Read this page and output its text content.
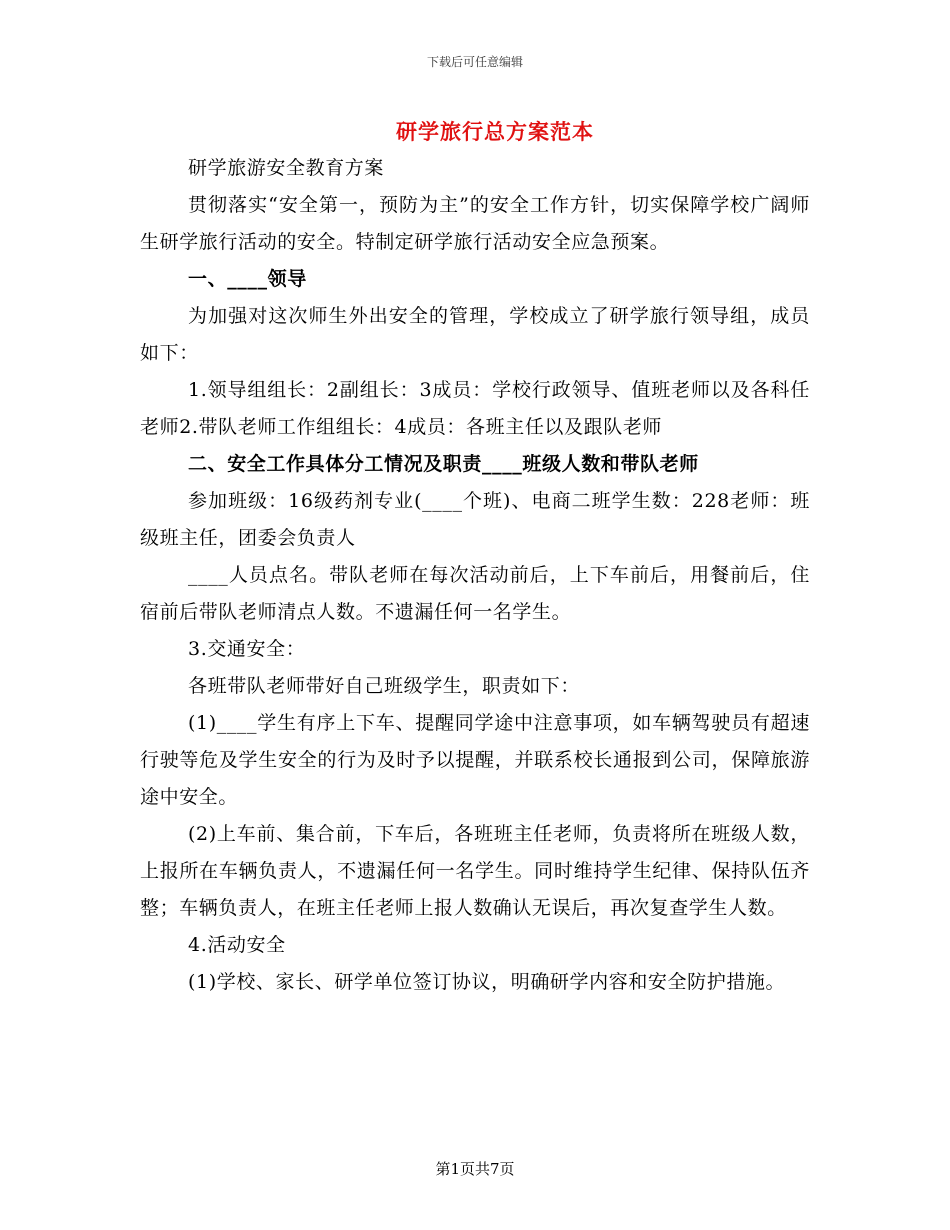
下载后可任意编辑
研学旅行总方案范本

研学旅游安全教育方案

贯彻落实“安全第一，预防为主”的安全工作方针，切实保障学校广阔师生研学旅行活动的安全。特制定研学旅行活动安全应急预案。

一、____领导

为加强对这次师生外出安全的管理，学校成立了研学旅行领导组，成员如下：

1.领导组组长：2副组长：3成员：学校行政领导、值班老师以及各科任老师2.带队老师工作组组长：4成员：各班主任以及跟队老师

二、安全工作具体分工情况及职责____班级人数和带队老师

参加班级：16级药剂专业(____个班)、电商二班学生数：228老师：班级班主任，团委会负责人

____人员点名。带队老师在每次活动前后，上下车前后，用餐前后，住宿前后带队老师清点人数。不遗漏任何一名学生。

3.交通安全：

各班带队老师带好自己班级学生，职责如下：

(1)____学生有序上下车、提醒同学途中注意事项，如车辆驾驶员有超速行驶等危及学生安全的行为及时予以提醒，并联系校长通报到公司，保障旅游途中安全。

(2)上车前、集合前，下车后，各班班主任老师，负责将所在班级人数，上报所在车辆负责人，不遗漏任何一名学生。同时维持学生纪律、保持队伍齐整；车辆负责人，在班主任老师上报人数确认无误后，再次复查学生人数。

4.活动安全

(1)学校、家长、研学单位签订协议，明确研学内容和安全防护措施。

第1页共7页
